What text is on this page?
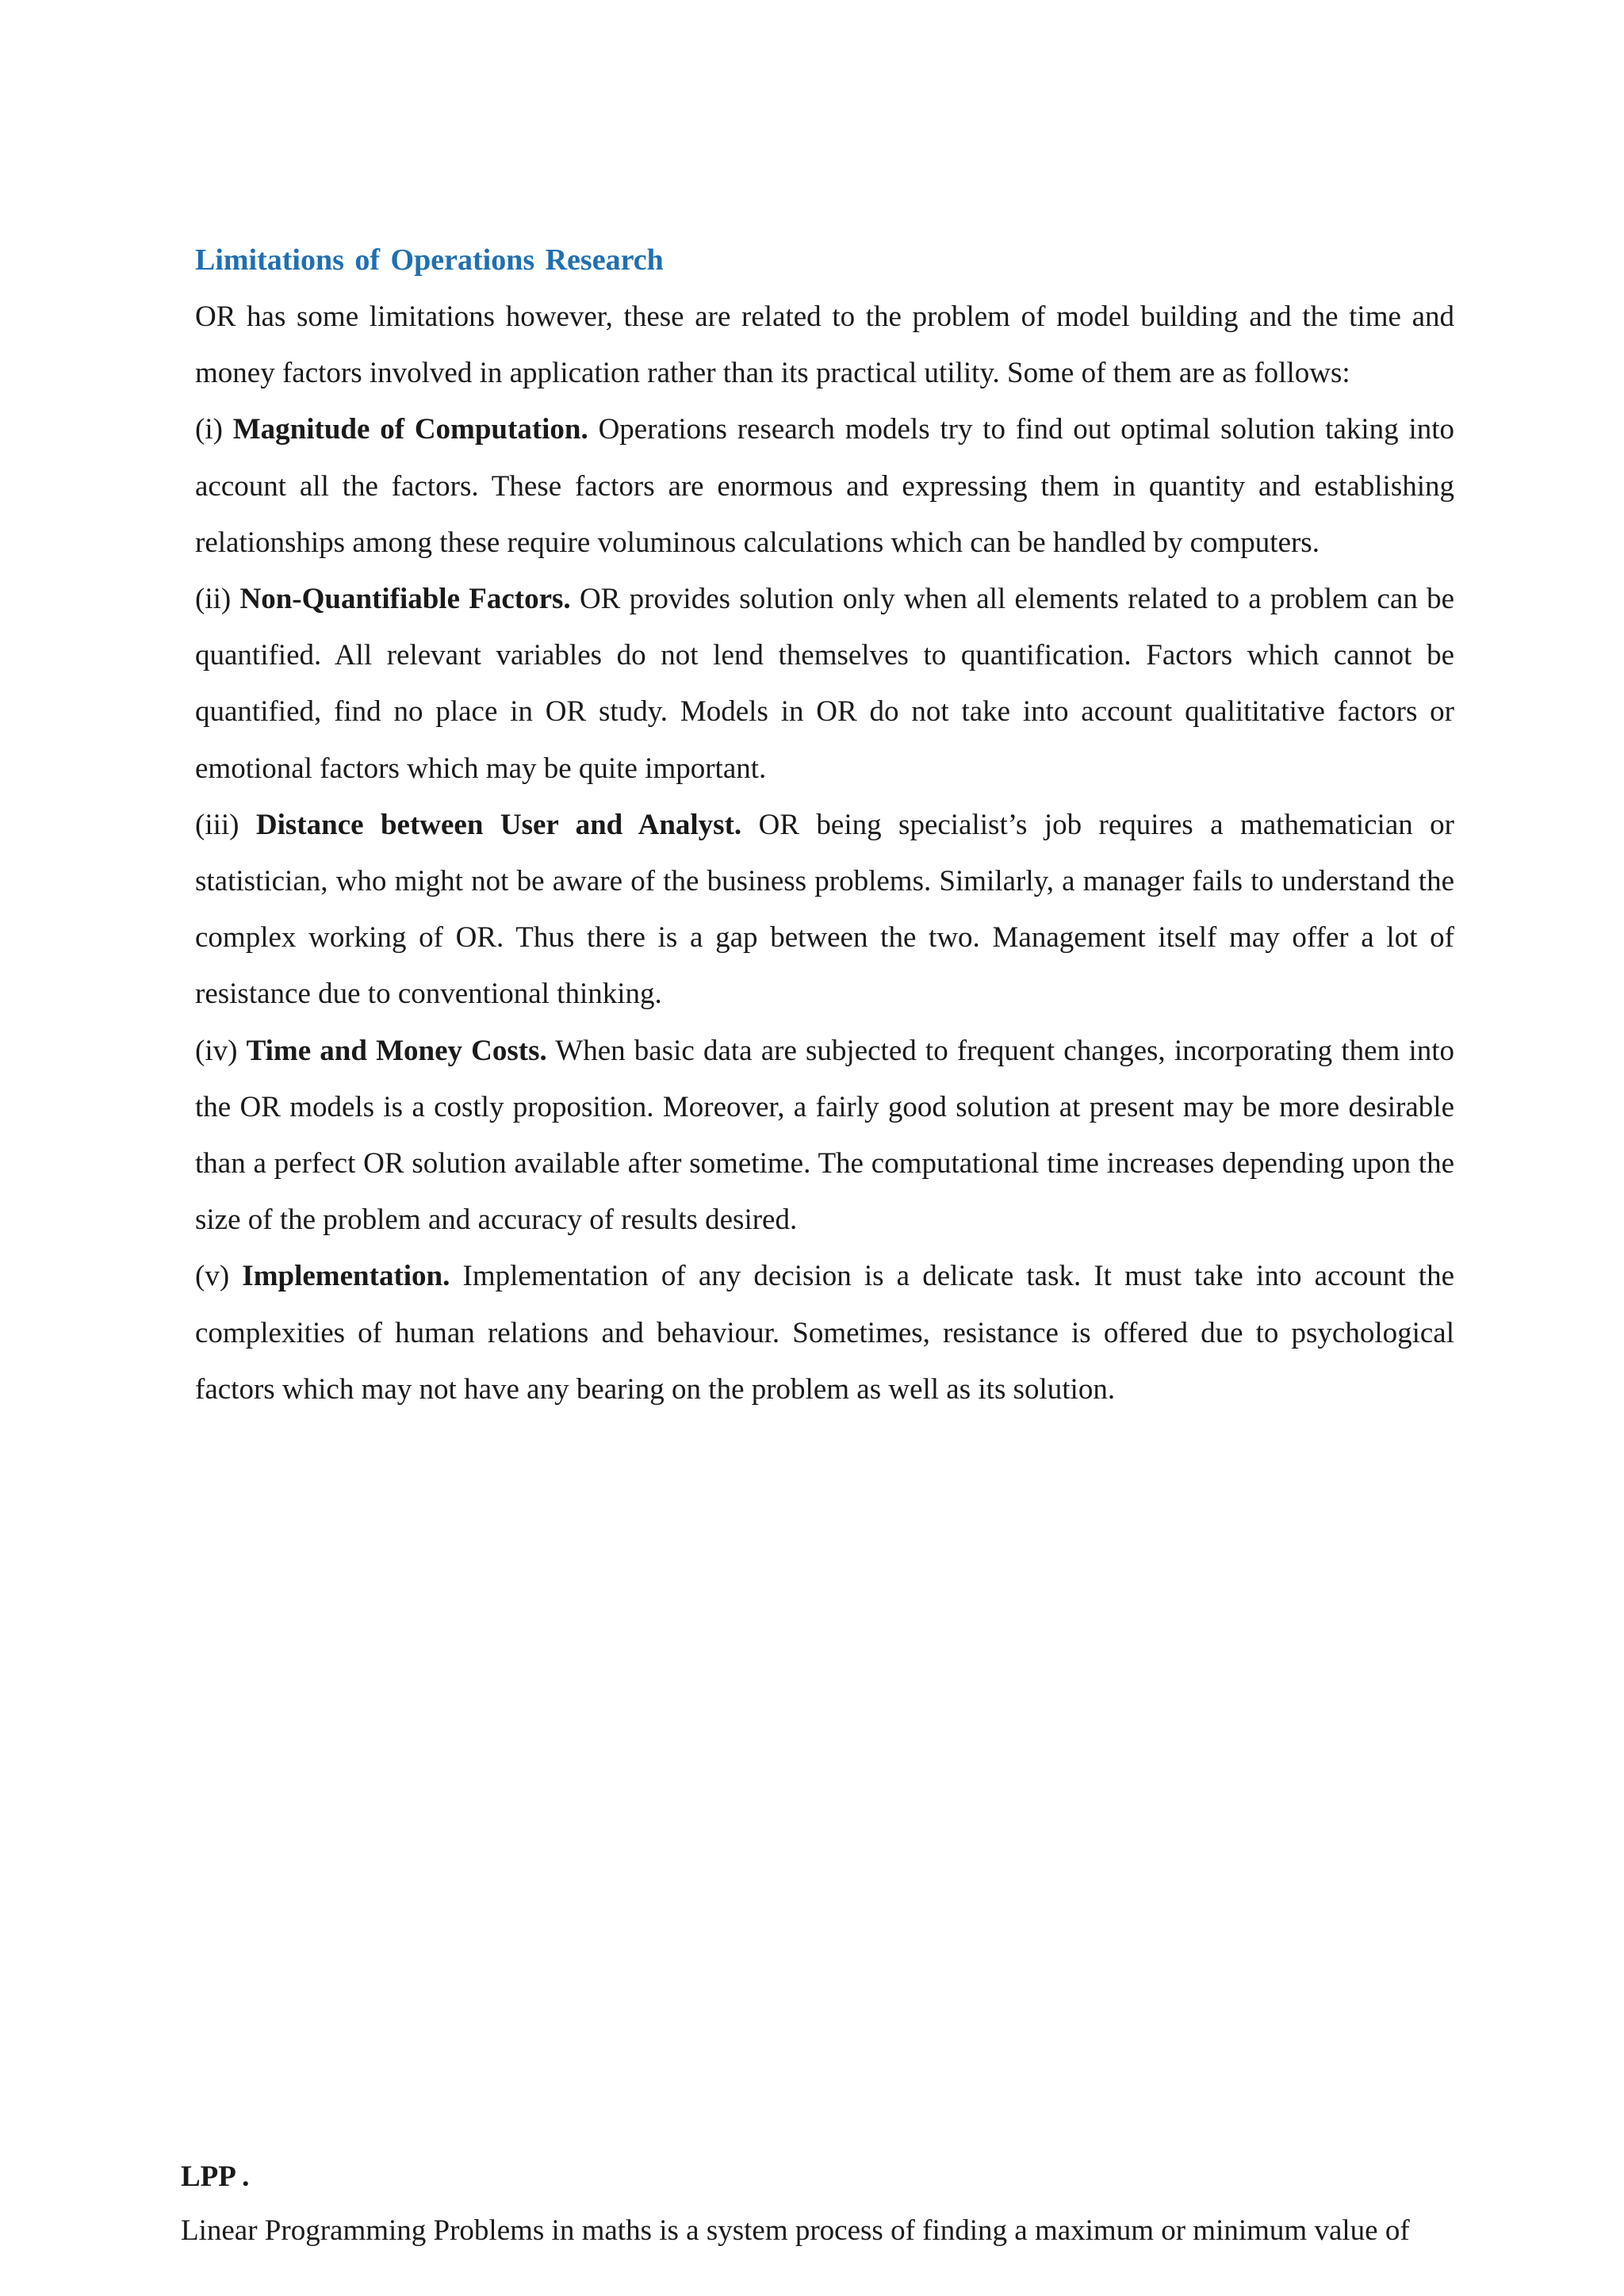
Limitations of Operations Research

OR has some limitations however, these are related to the problem of model building and the time and money factors involved in application rather than its practical utility. Some of them are as follows:

(i) Magnitude of Computation. Operations research models try to find out optimal solution taking into account all the factors. These factors are enormous and expressing them in quantity and establishing relationships among these require voluminous calculations which can be handled by computers.

(ii) Non-Quantifiable Factors. OR provides solution only when all elements related to a problem can be quantified. All relevant variables do not lend themselves to quantification. Factors which cannot be quantified, find no place in OR study. Models in OR do not take into account qualititative factors or emotional factors which may be quite important.

(iii) Distance between User and Analyst. OR being specialist’s job requires a mathematician or statistician, who might not be aware of the business problems. Similarly, a manager fails to understand the complex working of OR. Thus there is a gap between the two. Management itself may offer a lot of resistance due to conventional thinking.

(iv) Time and Money Costs. When basic data are subjected to frequent changes, incorporating them into the OR models is a costly proposition. Moreover, a fairly good solution at present may be more desirable than a perfect OR solution available after sometime. The computational time increases depending upon the size of the problem and accuracy of results desired.

(v) Implementation. Implementation of any decision is a delicate task. It must take into account the complexities of human relations and behaviour. Sometimes, resistance is offered due to psychological factors which may not have any bearing on the problem as well as its solution.

LPP .

Linear Programming Problems in maths is a system process of finding a maximum or minimum value of
